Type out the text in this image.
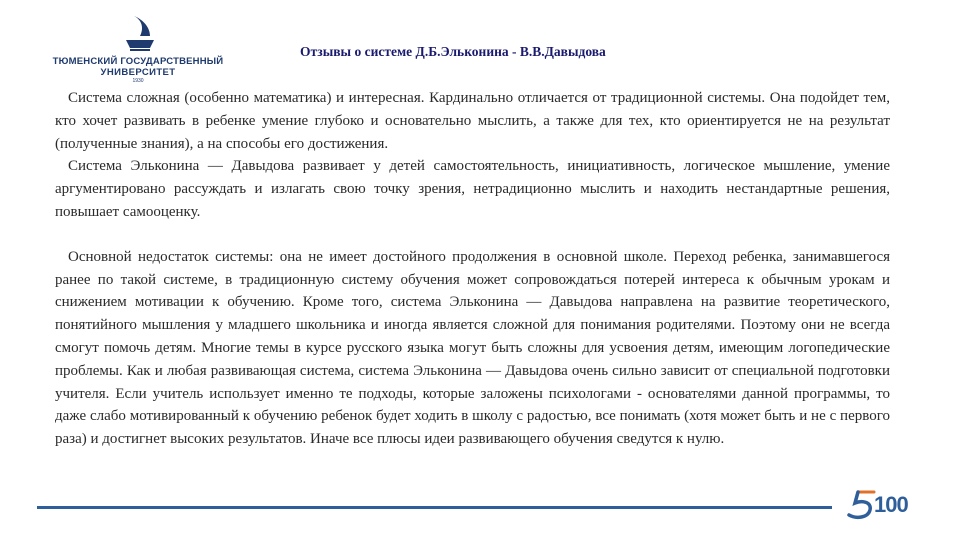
ТЮМЕНСКИЙ ГОСУДАРСТВЕННЫЙ
УНИВЕРСИТЕТ
1930
Отзывы о системе Д.Б.Эльконина - В.В.Давыдова

Система сложная (особенно математика) и интересная. Кардинально отличается от традиционной системы. Она подойдет тем, кто хочет развивать в ребенке умение глубоко и основательно мыслить, а также для тех, кто ориентируется не на результат (полученные знания), а на способы его достижения.

Система Эльконина — Давыдова развивает у детей самостоятельность, инициативность, логическое мышление, умение аргументировано рассуждать и излагать свою точку зрения, нетрадиционно мыслить и находить нестандартные решения, повышает самооценку.

Основной недостаток системы: она не имеет достойного продолжения в основной школе. Переход ребенка, занимавшегося ранее по такой системе, в традиционную систему обучения может сопровождаться потерей интереса к обычным урокам и снижением мотивации к обучению. Кроме того, система Эльконина — Давыдова направлена на развитие теоретического, понятийного мышления у младшего школьника и иногда является сложной для понимания родителями. Поэтому они не всегда смогут помочь детям. Многие темы в курсе русского языка могут быть сложны для усвоения детям, имеющим логопедические проблемы. Как и любая развивающая система, система Эльконина — Давыдова очень сильно зависит от специальной подготовки учителя. Если учитель использует именно те подходы, которые заложены психологами - основателями данной программы, то даже слабо мотивированный к обучению ребенок будет ходить в школу с радостью, все понимать (хотя может быть и не с первого раза) и достигнет высоких результатов. Иначе все плюсы идеи развивающего обучения сведутся к нулю.

100
